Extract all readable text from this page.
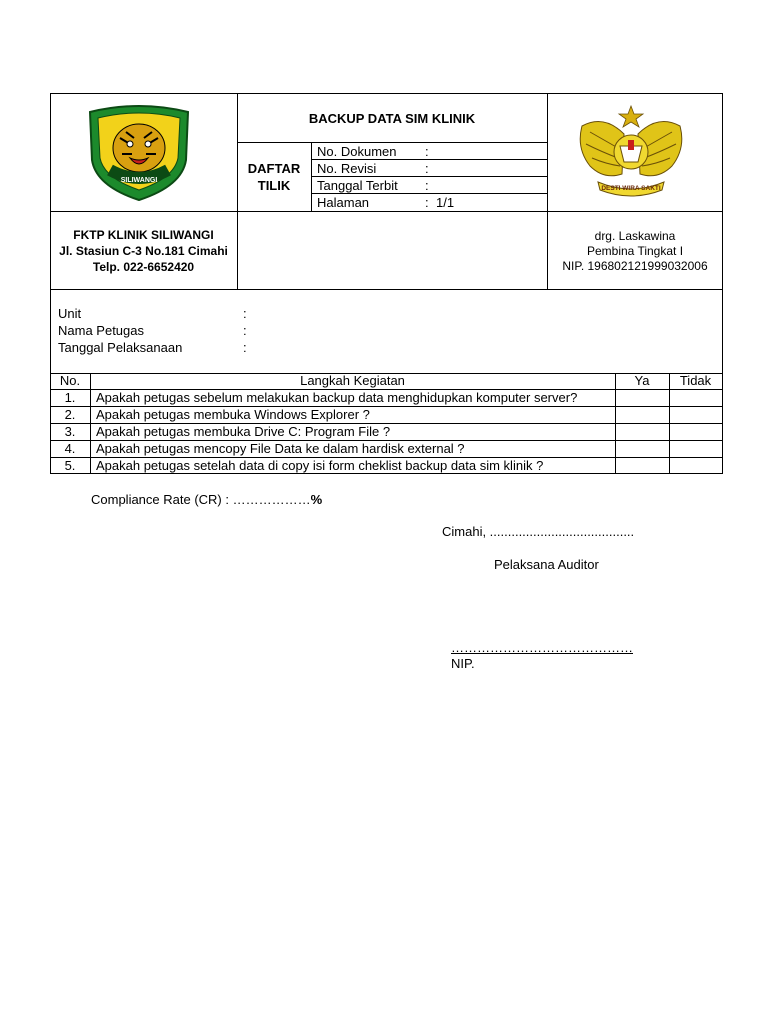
SILIWANGI
BACKUP DATA SIM KLINIK
DAFTAR
TILIK
No. Dokumen :
No. Revisi	:
Tanggal Terbit :
Halaman	: 1/1
DESTI WIRA SAKTI
FKTP KLINIK SILIWANGI
Jl. Stasiun C-3 No.181 Cimahi
Telp. 022-6652420
drg. Laskawina
Pembina Tingkat I
NIP. 196802121999032006
Unit	:
Nama Petugas	:
Tanggal Pelaksanaan	:
No.	Langkah Kegiatan	Ya	Tidak
1.	Apakah petugas sebelum melakukan backup data menghidupkan komputer server?
2.	Apakah petugas membuka Windows Explorer ?
3.	Apakah petugas membuka Drive C: Program File ?
4.	Apakah petugas mencopy File Data ke dalam hardisk external ?
5.	Apakah petugas setelah data di copy isi form cheklist backup data sim klinik ?
Compliance Rate (CR) : ………………%
Cimahi, ........................................
Pelaksana Auditor
……………………………………
NIP.
